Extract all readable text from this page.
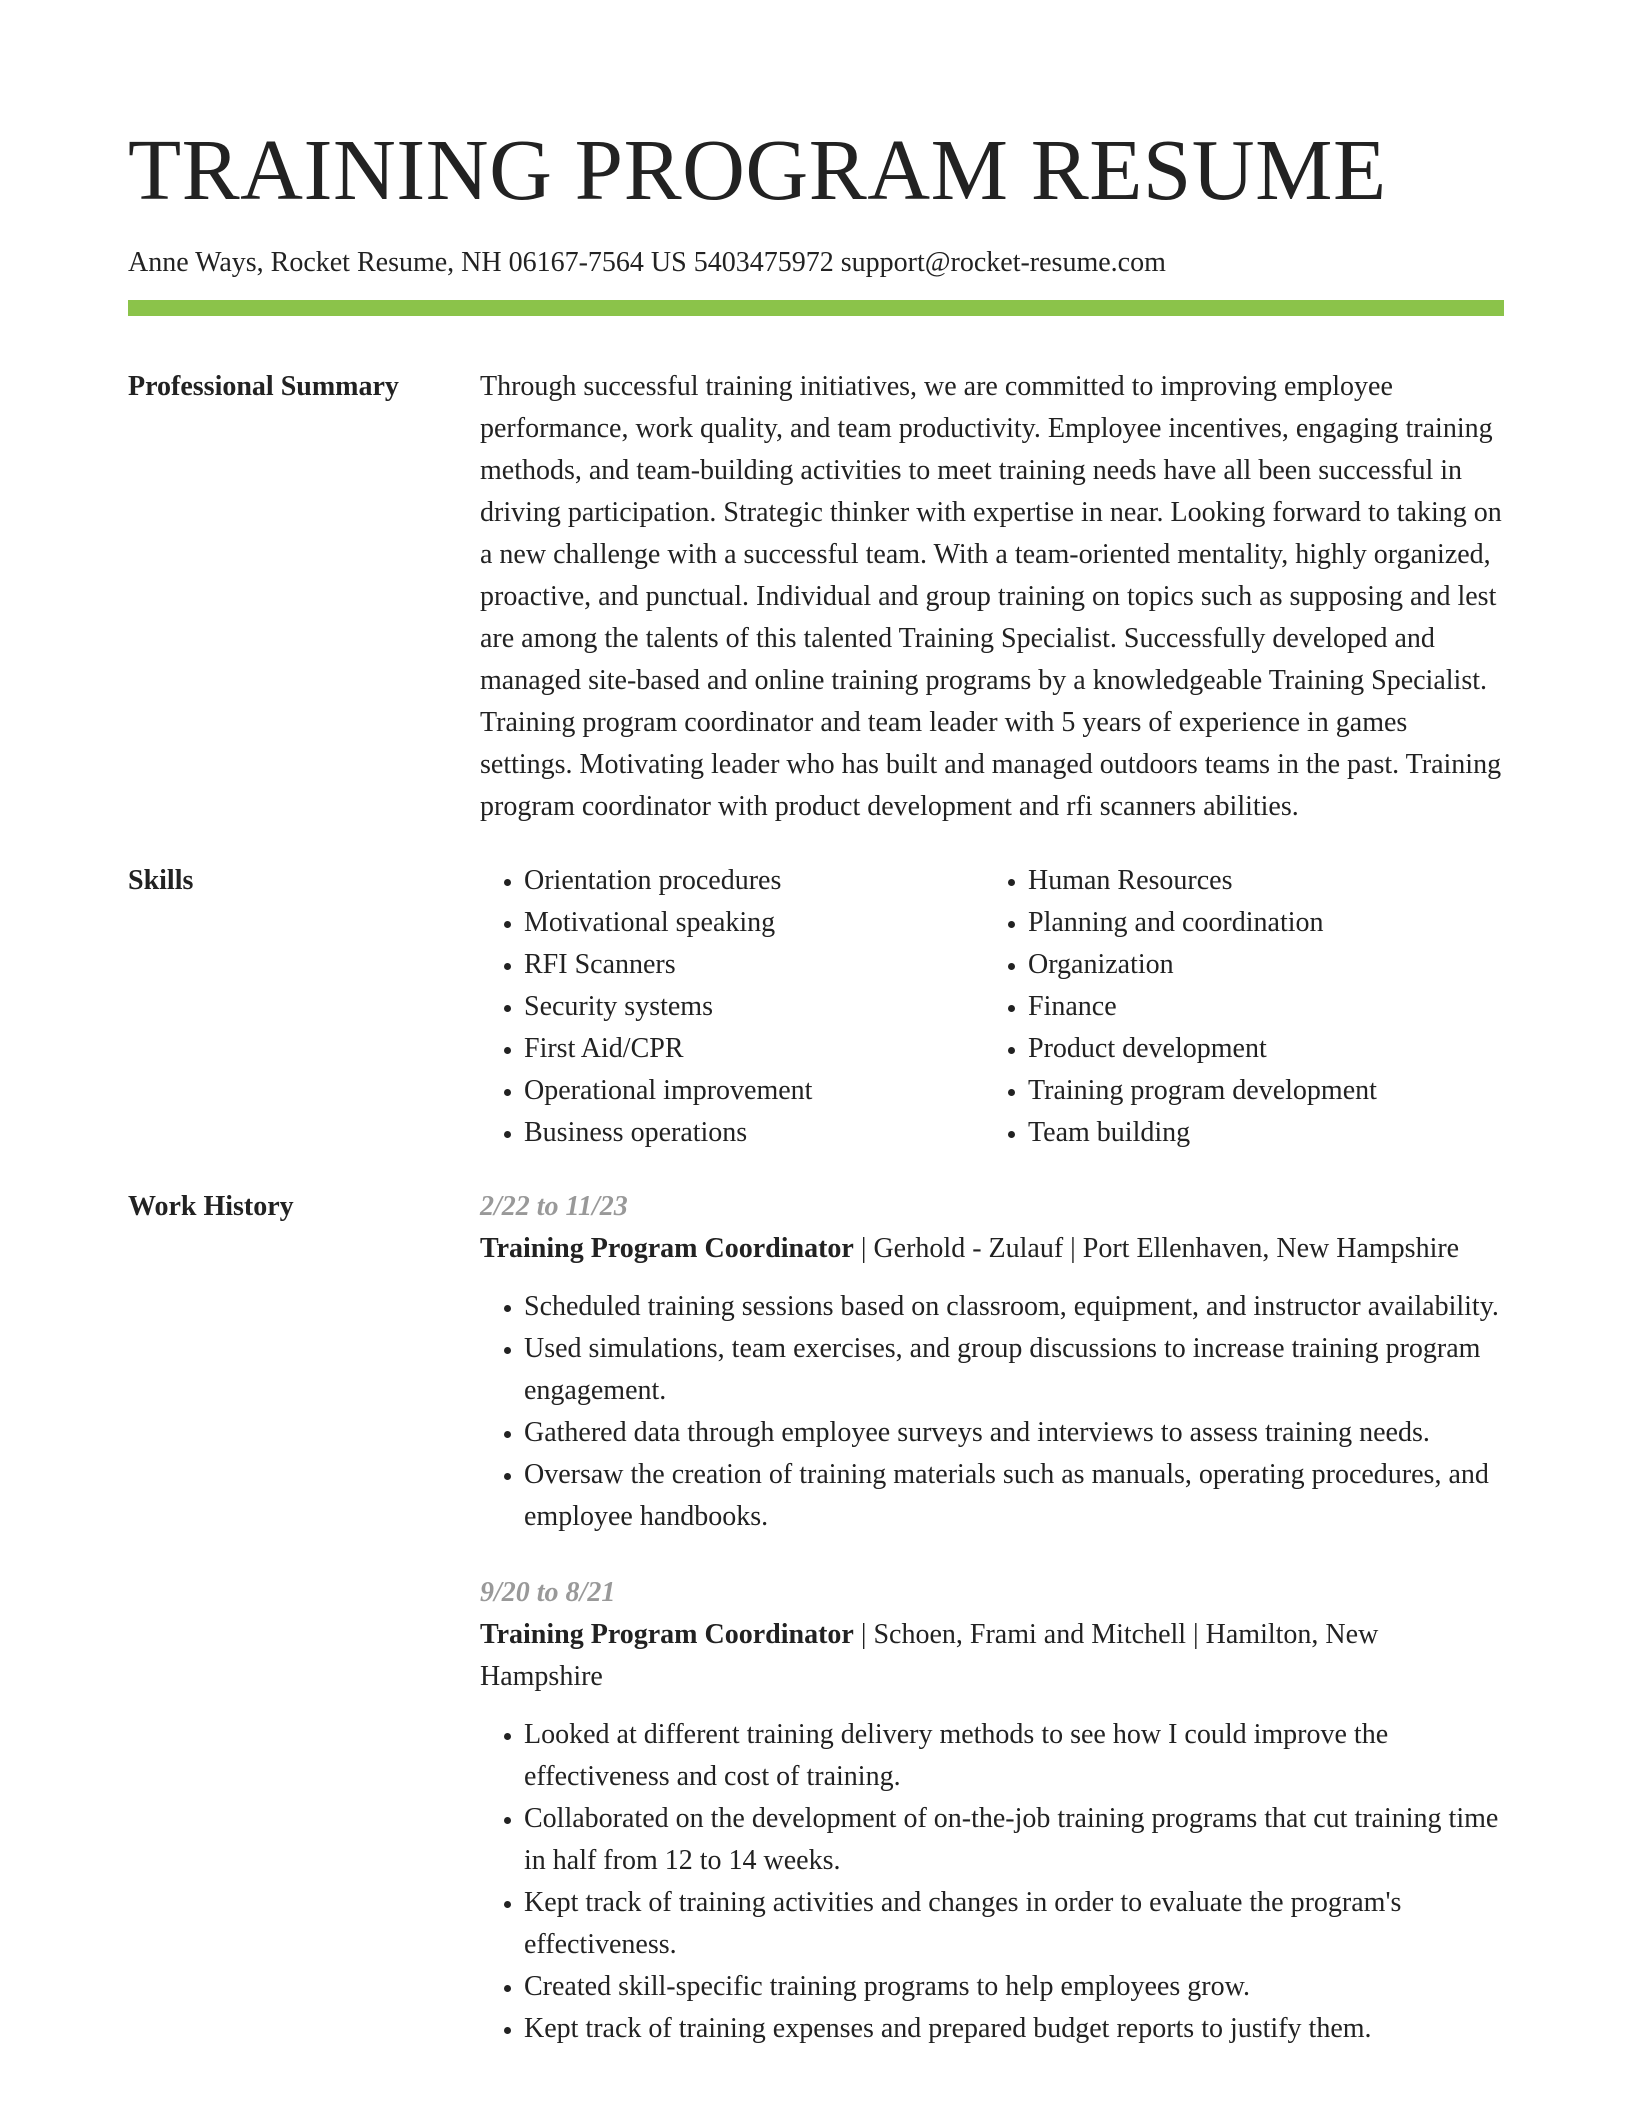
TRAINING PROGRAM RESUME
Anne Ways, Rocket Resume, NH 06167-7564 US 5403475972 support@rocket-resume.com
Professional Summary	Through successful training initiatives, we are committed to improving employee performance, work quality, and team productivity. Employee incentives, engaging training methods, and team-building activities to meet training needs have all been successful in driving participation. Strategic thinker with expertise in near. Looking forward to taking on a new challenge with a successful team. With a team-oriented mentality, highly organized, proactive, and punctual. Individual and group training on topics such as supposing and lest are among the talents of this talented Training Specialist. Successfully developed and managed site-based and online training programs by a knowledgeable Training Specialist. Training program coordinator and team leader with 5 years of experience in games settings. Motivating leader who has built and managed outdoors teams in the past. Training program coordinator with product development and rfi scanners abilities.

Skills
•	Orientation procedures
• Motivational speaking
• RFI Scanners
• Security systems
• First Aid/CPR
• Operational improvement
• Business operations
• Human Resources
• Planning and coordination
• Organization
• Finance
• Product development
• Training program development
• Team building
Work History	2/22 to 11/23
Training Program Coordinator | Gerhold - Zulauf | Port Ellenhaven, New Hampshire
• Scheduled training sessions based on classroom, equipment, and instructor availability.
• Used simulations, team exercises, and group discussions to increase training program engagement.
• Gathered data through employee surveys and interviews to assess training needs.
• Oversaw the creation of training materials such as manuals, operating procedures, and employee handbooks.
9/20 to 8/21
Training Program Coordinator | Schoen, Frami and Mitchell | Hamilton, New Hampshire
• Looked at different training delivery methods to see how I could improve the effectiveness and cost of training.
• Collaborated on the development of on-the-job training programs that cut training time in half from 12 to 14 weeks.
• Kept track of training activities and changes in order to evaluate the program's effectiveness.
• Created skill-specific training programs to help employees grow.
• Kept track of training expenses and prepared budget reports to justify them.
